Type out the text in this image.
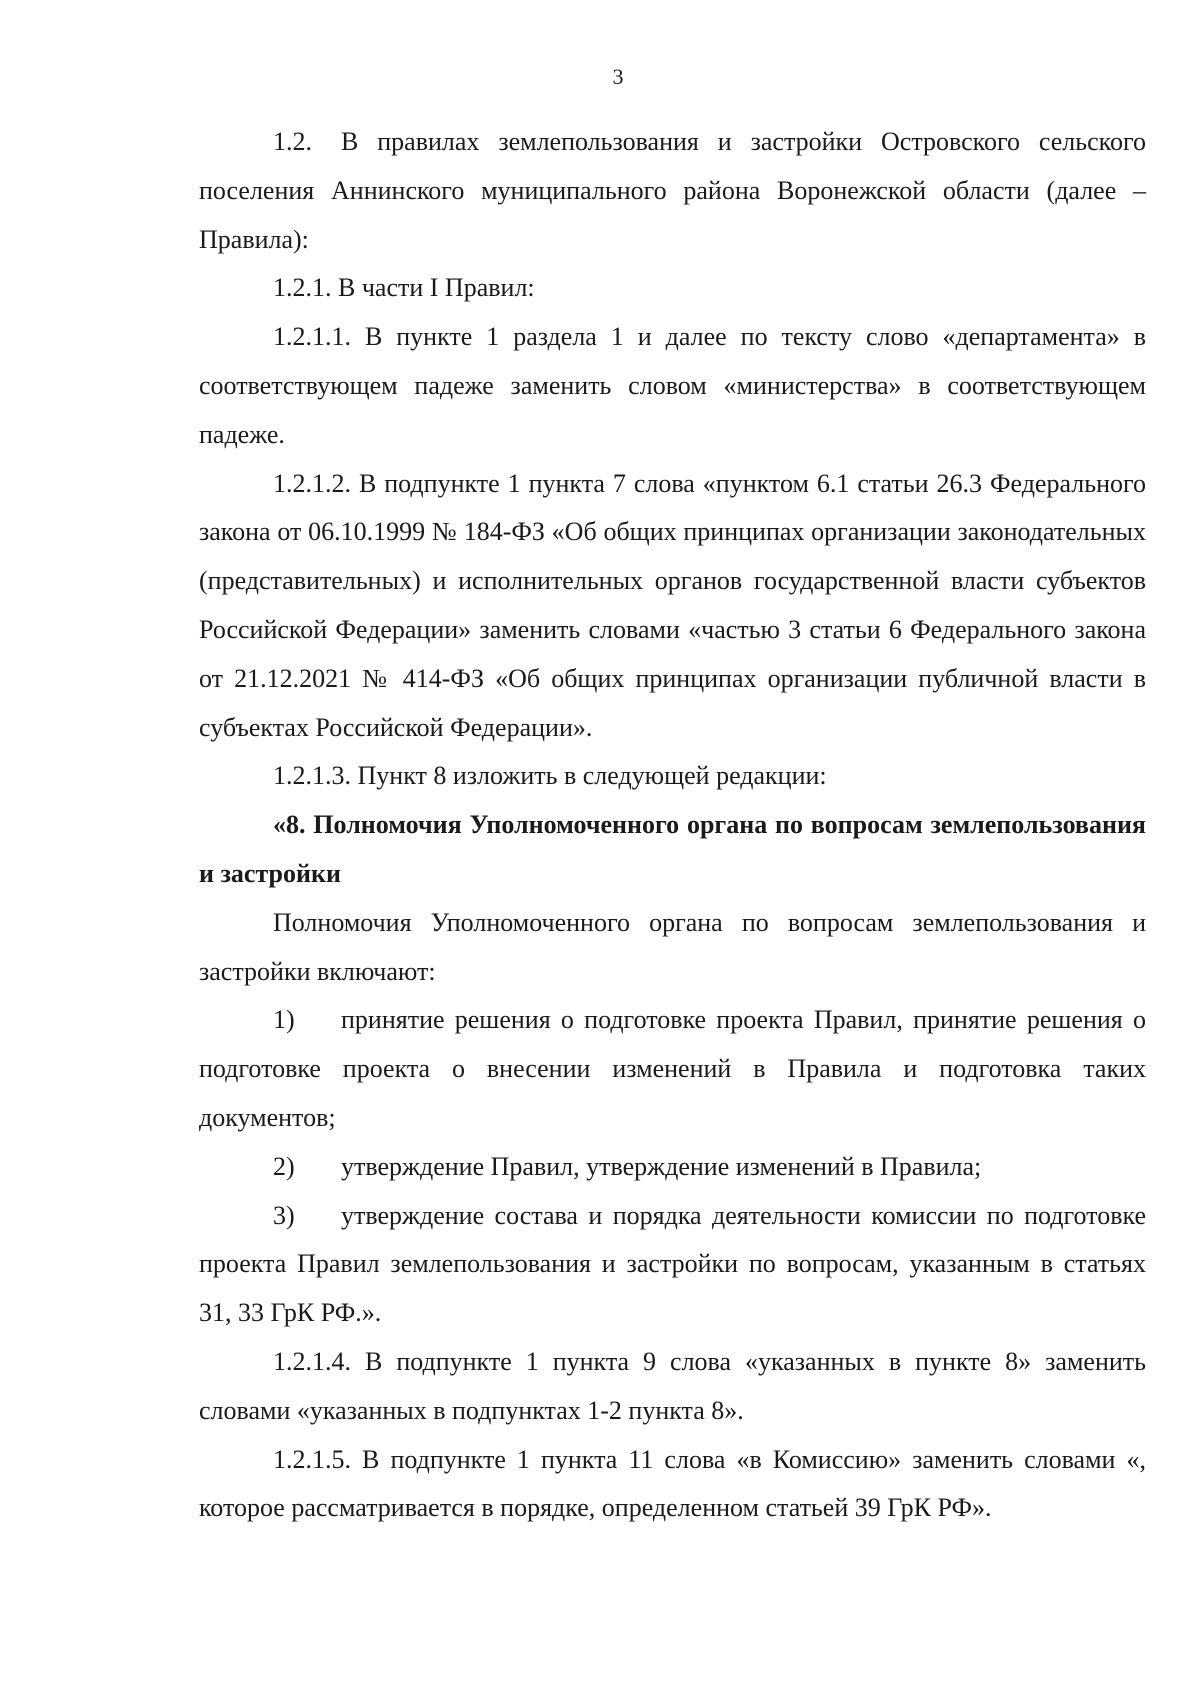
3

1.2. В правилах землепользования и застройки Островского сельского поселения Аннинского муниципального района Воронежской области (далее – Правила):

1.2.1. В части I Правил:

1.2.1.1. В пункте 1 раздела 1 и далее по тексту слово «департамента» в соответствующем падеже заменить словом «министерства» в соответствующем падеже.

1.2.1.2. В подпункте 1 пункта 7 слова «пунктом 6.1 статьи 26.3 Федерального закона от 06.10.1999 № 184-ФЗ «Об общих принципах организации законодательных (представительных) и исполнительных органов государственной власти субъектов Российской Федерации» заменить словами «частью 3 статьи 6 Федерального закона от 21.12.2021 № 414-ФЗ «Об общих принципах организации публичной власти в субъектах Российской Федерации».

1.2.1.3. Пункт 8 изложить в следующей редакции:

«8. Полномочия Уполномоченного органа по вопросам землепользования и застройки

Полномочия Уполномоченного органа по вопросам землепользования и застройки включают:

1) принятие решения о подготовке проекта Правил, принятие решения о подготовке проекта о внесении изменений в Правила и подготовка таких документов;

2) утверждение Правил, утверждение изменений в Правила;

3) утверждение состава и порядка деятельности комиссии по подготовке проекта Правил землепользования и застройки по вопросам, указанным в статьях 31, 33 ГрК РФ.».

1.2.1.4. В подпункте 1 пункта 9 слова «указанных в пункте 8» заменить словами «указанных в подпунктах 1-2 пункта 8».

1.2.1.5. В подпункте 1 пункта 11 слова «в Комиссию» заменить словами «, которое рассматривается в порядке, определенном статьей 39 ГрК РФ».
